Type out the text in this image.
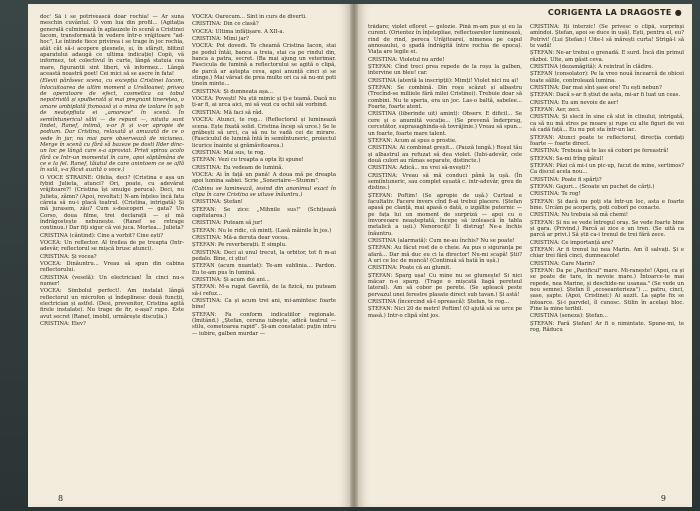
doc' Să i se potrivească doar rochia! — Ar suna meschin cuvântul. O vom lua din profil... (Agitația generală culminează în aplauzele în scenă a Cristinei Iacom, transformată în vedere într-o vrăjitoare "ad-hoc", Le întinde fiece privirea i se trage în joc rochia, atât cât să-i acopere glesnele, și, în sfârșit, blitzul aparatului adaugă ce ultima indicație) Copii, vă informez, tot colectivul în curte, lângă statuia cea mare, figurantii sint liberi, vă informez... Lângă această noastră poet! Cei mici să se ascre în fata!

(Elevii părăsesc scena, cu excepția Cristinei Iacom, înlocuitoarea de ultim moment a Ursăloanei; privea de operatoare de efect, cosmetica ca tobul nepotrivită și spulberată și mai pregnant tinerețea, o amare ambiplată fixmoasă și o mina de izolare în șah de neațepfiuta ei „amoreze" în scenă. În semiîntunericul sălii — de repunt —, nituita sunt lindet, Ranef, intimă, v-or fi și v-or apropie de podium. Dar Cristina, relaxată și amuzată de ce o vede în jur, nu mai pare observează de niciunea. Merge în scenă cu fără să bazeze pe dosti Ilder dinc-un loc pe lângă care s-a aproviat. Privii spirau acolo fără ce Intr-un momentul în care, apoi săptămâna de ce e la fel. Ranef, tăiatul de care anintoem ce se află în sală, s-a făcut auzită o voce.)

O VOCE STRAINE: Ofelia, deci? (Cristina e așa un fybid Julieta, atunci? Ori, poate, cu adevărat vrăjitoare?! (Cristina își smulge peruca). Deci, nu Julieta, zâmn? (Apoi, revoltat:) N-am înțeles încă fata căreia să nu-i placă teatrul. (Cristina, intrigată) Și mă jurasem, zău? Cum s-descoperi — gata? Un Corso, doua filme, trei declarații — și mă îndrăgostește nebunește. (Ranef se retrage continuu.) Dar fiți sigur că voi juca. Mortea... Julieta?

CRISTINA (cântind): Cine a vorbit? Cine ești?

VOCEA: Un reflector. Al treilea de pe treapta (Intr-adevăr, reflectorul se mișcă brusc atunci).

CRISTINA: Și vocea?

VOCEA: Dinăuntru... Vreau să spun din cabina reflectorului.

CRISTINA (veselă): Un electrician! În cinci nu-s numer!

VOCEA: Simbolul perfect!. Am instalat lângă reflectorul un microfon și îndeplinesc două funcții, electrician și astfel. (Desi, prevenitor, Cristina agită firele instalate). Nu trage de fir, e-așa? rupe. Este avut secret (Ranef, imobil, urmărește discuția.)

CRISTINA: Elev?

VOCEA: Oarecum... Sint in curs de diverti.

CRISTINA: Din ce clasă?

VOCEA: Ultima infățișare. A XII-a.

CRISTINA: Mimi jar?

VOCEA: Pot dovedi. Te cheamă Cristina Iacon, stai pe podul întâi, banca a treia, stai ca pe rindul din, banca a patra, secret. (Ba mai ajung un veterimar. Fascicula de lumină a reflectorului se agită o clipă, de parcă ar aștepta ceva, apoi anunță cinci și se stinge.) Mai vărsat de prea multe ori ca să nu-mi poti țineîn minte...

CRISTINA: Și dumneata așa...

VOCEA: Povești! Nu știi mimic și ți-e teamă. Dacă nu ți-ar fi, ai urca aici, mi să vezi cu ochii săi vorbind.

CRISTINA: Mă faci să râd.

VOCEA: Atunci, te rog... (Reflectorul și luminează scena. Ește fixată solid. Cristina încep să urce.) Se le grăbești să urci, ca să nu te vadă cei de mirare. (Fasciculul de lumină întă în semiîntuneric, proiectul licurice înainte și grămăvitoarea.)

CRISTINA: Mai sus, te rog.

ȘTEFAN: Vezi cu treapta a opta îți spune!

CRISTINA: Eu vedeam de lumină.

VOCEA: Ai în față un pană! A doua mă pe dreapta apoi lumina sabiei. Scrie „Soneriaire—Stumm".

(Cabinu se luminează, iesind din anonimul exact în clipa în care Cristina se uitase înăuntru.)

CRISTINA: Ștefan!

ȘTEFAN: Se zice: „Mihnile sus!" (Schițează capitularea.)

CRISTINA: Puteam să jur!

ȘTEFAN: Nu le ridic, că mintț. (Lasă mâinile în jos.)

CRISTINA: Mă-a deruta dear vocea.

ȘTEFAN: Pe reverberații. E simplu.

CRISTINA: Deci ai unul trecut, la orbitor, tot fi m-ai pedalo. Bine, ci știu!

ȘTEFAN (acum nuantat): Te-am sublinia... Pardon. Eu te-am pus în lumină.

CRISTINA: Și acum doi ani...

ȘTEFAN: M-a rugat Gavrilă, de la fizică, nu puteam să-i refuz...

CRISTINA: Ca și acum trei ani, mi-amintesc foarte bine!

ȘTEFAN: Fa conform indicatiilor regionale. (Imitând.) „Ștefan, ceruna iubește, adică teatrul — stilu, cometoarea rapid”. Și-am constatat: puțin intru — iubire, galben murdar —

8
CORIGENTA LA DRAGOSTE ●

trădare; violet efloret — gelozie. Pînă m-am pus și eu la curent. (Orientez în înțelepliae, reflectoarelor luminează, rind de rind, pereca Urăjitoarei, nimenea pe capul annosaului, o șpadă îndrăgită între rochia de epoca). Viața are legile ei.

CRISTINA: Violetul nu arde!

ȘTEFAN: Cînd treci prea repede de la roșu la galben, intervine un bleu! car.

CRISTINA (atentă la inscripții): Mimți! Violet nici nu ai!

ȘTEFAN: Se combină. Din roșu scăzut și albastru (Trecînd-se miliiele fără milei Cristinei). Trebuie doar să combini. Nu te speria, era un joc. Las-o baltă, sabelee... Foarte, foarte atent.

CRISTINA (liberinde uit) amint): Observ. E dificil... Se cere și o anumită vocație... (Se prevenă înderprug, cercetător, suprasaghinda-să tovrăjinie.) Vreau să spun... un foarte, foarte mare talent.

ȘTEFAN: Acum ai spus o prostie.

CRISTINA: Ai combinat greșit... (Pauză lungă.) Roșul tău și albastrul au refuzat să dea violet. (Iubi-adevăr, cele două culori au rămas separate, distincte.)

CRISTINA: Adică... nu vrei să-nvești?!

CRISTINA: Vreau să mă conduci până la ușă. (În semiîntuneric, sau complet eșuată c. intr-adevăr, greu de distins.)

ȘTEFAN: Poftim! (Se apropie de ușă.) Curtoal e facultativ. Facere invers cînd fi-ai trebui placere. (Ștefan apasă pe clanță, mai apasă o dată, o izgâltie puternic — pe fața lui un moment de surpriză — apoi cu o îmvoreoare neașteptată, începe să izolească în tabla metalică a ușii.) Nenorociți! Îi distrug! Ne-a închis înăuntru.

CRISTINA (alarmată): Cum ne-au închis? Nu se poate!

ȘTEFAN: Au făcut rost de o cheie. Au pus o siguranța pe afară... Dar mă duc eu ci la director! Nu-mi scapă! Știi? A uri ce loc de muncă! (Continuă să bată în ușă.)

CRISTINA: Poate că au glumit.

ȘTEFAN: Sparg ușa! Cu mine nu se glumește! Si nici măcar n-o sparg. (Trage o mișcată liagă pereteul lateral). Am să cobor pe perete. (Se apleacă peste pervazul unei ferestre plasate direct sub tavan.) Și astă!

CRISTINA (încercind să-l oprească): Ștefan, te rog...

ȘTEFAN: Nici 20 de metri! Poftim! (O ajută să se urce pe masă.) Intr-o clipă sînt jos.

CRISTINA: Îți interzic! (Se privesc o clipă, surprinși amîndoi. Ștefan, apoi se duce în ușă). Ești, pentru el, eu? Potrivi! (Lui Ștefan:) Uite-l să mărești curta! Strigă-l să te vadă!

ȘTEFAN: Ne-ar trebui o grenadă. E surd. Încă din primul război. Ulte, am găsit ceva.

CRISTINA (dezamăgită): A reintrat în clădire.

ȘTEFAN (consolator): Pe la vreo nouă încearcă de obicei toate sălile, controlează lumina.

CRISTINA: Dar mai sînt șase ore! Tu ești nebun?

ȘTEFAN: Dacă s-ar fi știut de asta, mi-ar fi luat un ceas.

CRISTINA: Eu am nevoie de aer!

ȘTEFAN: Aer, zeci.

CRISTINA: Și slecii în sine că slut în clinului, intrigată, ca să nu mă stres pe moare și rupe cu alte figuri de voi să cadă față... Eu nu pot sta într-un lac.

ȘTEFAN: Atunci poate te reflectorul, direcția cordați foarte — foarte direct.

CRISTINA: Trebuia să te las să cobori pe fereastră!

ȘTEFAN: Sa-mi frîng gâtul!

ȘTEFAN: Păzi că mi-i un pic-up, facut de mine, sertimos? Ca discul acela nou...

CRISTINA: Poate fi spărți?

ȘTEFAN: Gajuri... (Scoate un puchet de cărți.)

CRISTINA: Te rog!

ȘTEFAN: Și dacă nu poți sta într-un loc, asta e foarte bine. Urcăm pe acoperiș, poți coborî pe conacte.

CRISTINA: Nu trebuia să mă chemi!

ȘTEFAN: Și nu se vede întregul oraș. Se vede foarte bine și gara. (Privind.) Parcă ai zice e un tren. (Se uită ca parcă ar privi.) Să știi ca-i trenul de trei fără zece.

CRISTINA: Ce importanță are?

ȘTEFAN: Ar fi trenul lui nea Marin. Am îl salvați. Și e chiar trei fără cinci, dumneacole!

CRISTINA: Care Marin?

ȘTEFAN: Da pe „Pacificul" mare. Mi-raneste! (Apoi, ca și se poate de tare, în nevoie mare.) Întoarce-te mai repede, nea Marine, și deschide-ne usanaa." (Se vede un nou semne). Ștefan îl „ecoseanterieza") ... patru, cinci, șase, șapte. (Apoi, Cristinei:) Ai auzit. La șapte fix se intoarce. Și-i parvdel, îl cunosc. Stilin în același bloc. Fine la mine teribil.

CRISTINA (seneza): Ștefan...

ȘTEFAN: Fară Ștefan! Ar fi o nimintate. Spune-mi, te rog, Răducu

9
